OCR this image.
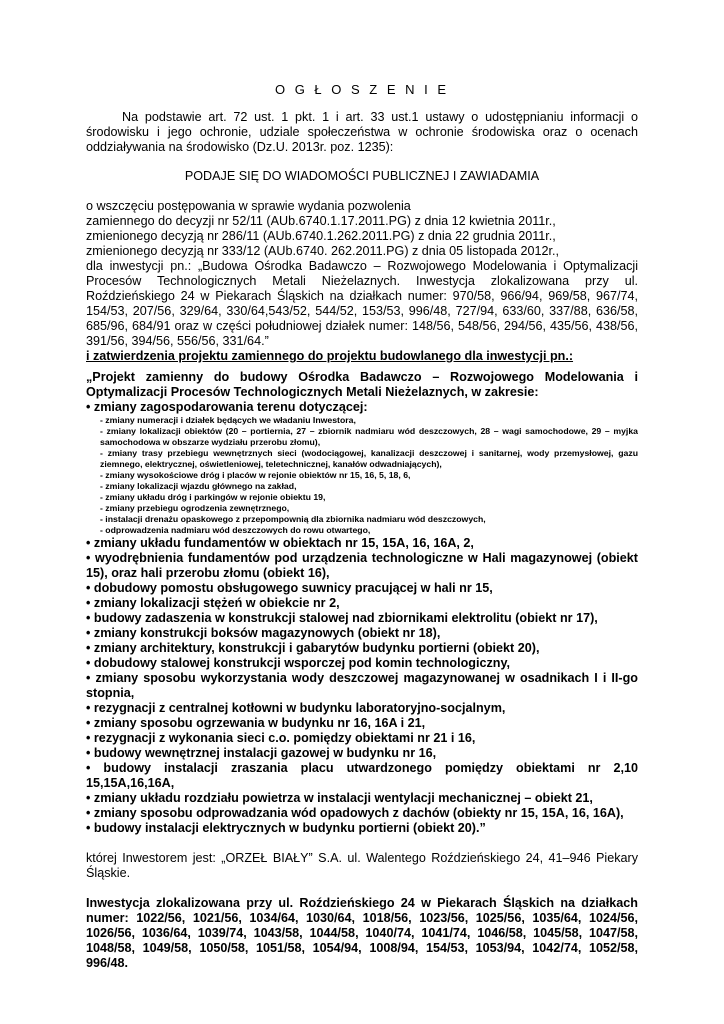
O G Ł O S Z E N I E
Na podstawie art. 72 ust. 1 pkt. 1 i art. 33 ust.1 ustawy o udostępnianiu informacji o środowisku i jego ochronie, udziale społeczeństwa w ochronie środowiska oraz o ocenach oddziaływania na środowisko (Dz.U. 2013r. poz. 1235):
PODAJE SIĘ DO WIADOMOŚCI PUBLICZNEJ I ZAWIADAMIA
o wszczęciu postępowania w sprawie wydania pozwolenia
zamiennego do decyzji nr 52/11 (AUb.6740.1.17.2011.PG) z dnia 12 kwietnia 2011r.,
zmienionego decyzją nr 286/11 (AUb.6740.1.262.2011.PG) z dnia 22 grudnia 2011r.,
zmienionego decyzją nr 333/12 (AUb.6740. 262.2011.PG) z dnia 05 listopada 2012r.,
dla inwestycji pn.: „Budowa Ośrodka Badawczo – Rozwojowego Modelowania i Optymalizacji Procesów Technologicznych Metali Nieżelaznych. Inwestycja zlokalizowana przy ul. Roździeńskiego 24 w Piekarach Śląskich na działkach numer: 970/58, 966/94, 969/58, 967/74, 154/53, 207/56, 329/64, 330/64,543/52, 544/52, 153/53, 996/48, 727/94, 633/60, 337/88, 636/58, 685/96, 684/91 oraz w części południowej działek numer: 148/56, 548/56, 294/56, 435/56, 438/56, 391/56, 394/56, 556/56, 331/64.”
i zatwierdzenia projektu zamiennego do projektu budowlanego dla inwestycji pn.:
„Projekt zamienny do budowy Ośrodka Badawczo – Rozwojowego Modelowania i Optymalizacji Procesów Technologicznych Metali Nieżelaznych, w zakresie:
• zmiany zagospodarowania terenu dotyczącej:
- zmiany numeracji i działek będących we władaniu Inwestora,
- zmiany lokalizacji obiektów (20 – portiernia, 27 – zbiornik nadmiaru wód deszczowych, 28 – wagi samochodowe, 29 – myjka samochodowa w obszarze wydziału przerobu złomu),
- zmiany trasy przebiegu wewnętrznych sieci (wodociągowej, kanalizacji deszczowej i sanitarnej, wody przemysłowej, gazu ziemnego, elektrycznej, oświetleniowej, teletechnicznej, kanałów odwadniających),
- zmiany wysokościowe dróg i placów w rejonie obiektów nr 15, 16, 5, 18, 6,
- zmiany lokalizacji wjazdu głównego na zakład,
- zmiany układu dróg i parkingów w rejonie obiektu 19,
- zmiany przebiegu ogrodzenia zewnętrznego,
- instalacji drenażu opaskowego z przepompownią dla zbiornika nadmiaru wód deszczowych,
- odprowadzenia nadmiaru wód deszczowych do rowu otwartego,
• zmiany układu fundamentów w obiektach nr 15, 15A, 16, 16A, 2,
• wyodrębnienia fundamentów pod urządzenia technologiczne w Hali magazynowej (obiekt 15), oraz hali przerobu złomu (obiekt 16),
• dobudowy pomostu obsługowego suwnicy pracującej w hali nr 15,
• zmiany lokalizacji stężeń w obiekcie nr 2,
• budowy zadaszenia w konstrukcji stalowej nad zbiornikami elektrolitu (obiekt nr 17),
• zmiany konstrukcji boksów magazynowych (obiekt nr 18),
• zmiany architektury, konstrukcji i gabarytów budynku portierni (obiekt 20),
• dobudowy stalowej konstrukcji wsporczej pod komin technologiczny,
• zmiany sposobu wykorzystania wody deszczowej magazynowanej w osadnikach I i II-go stopnia,
• rezygnacji z centralnej kotłowni w budynku laboratoryjno-socjalnym,
• zmiany sposobu ogrzewania w budynku nr 16, 16A i 21,
• rezygnacji z wykonania sieci c.o. pomiędzy obiektami nr 21 i 16,
• budowy wewnętrznej instalacji gazowej w budynku nr 16,
• budowy instalacji zraszania placu utwardzonego pomiędzy obiektami nr 2,10 15,15A,16,16A,
• zmiany układu rozdziału powietrza w instalacji wentylacji mechanicznej – obiekt 21,
• zmiany sposobu odprowadzania wód opadowych z dachów (obiekty nr 15, 15A, 16, 16A),
• budowy instalacji elektrycznych w budynku portierni (obiekt 20).”
której Inwestorem jest: „ORZEŁ BIAŁY” S.A. ul. Walentego Roździeńskiego 24, 41–946 Piekary Śląskie.
Inwestycja zlokalizowana przy ul. Roździeńskiego 24 w Piekarach Śląskich na działkach numer: 1022/56, 1021/56, 1034/64, 1030/64, 1018/56, 1023/56, 1025/56, 1035/64, 1024/56, 1026/56, 1036/64, 1039/74, 1043/58, 1044/58, 1040/74, 1041/74, 1046/58, 1045/58, 1047/58, 1048/58, 1049/58, 1050/58, 1051/58, 1054/94, 1008/94, 154/53, 1053/94, 1042/74, 1052/58, 996/48.
